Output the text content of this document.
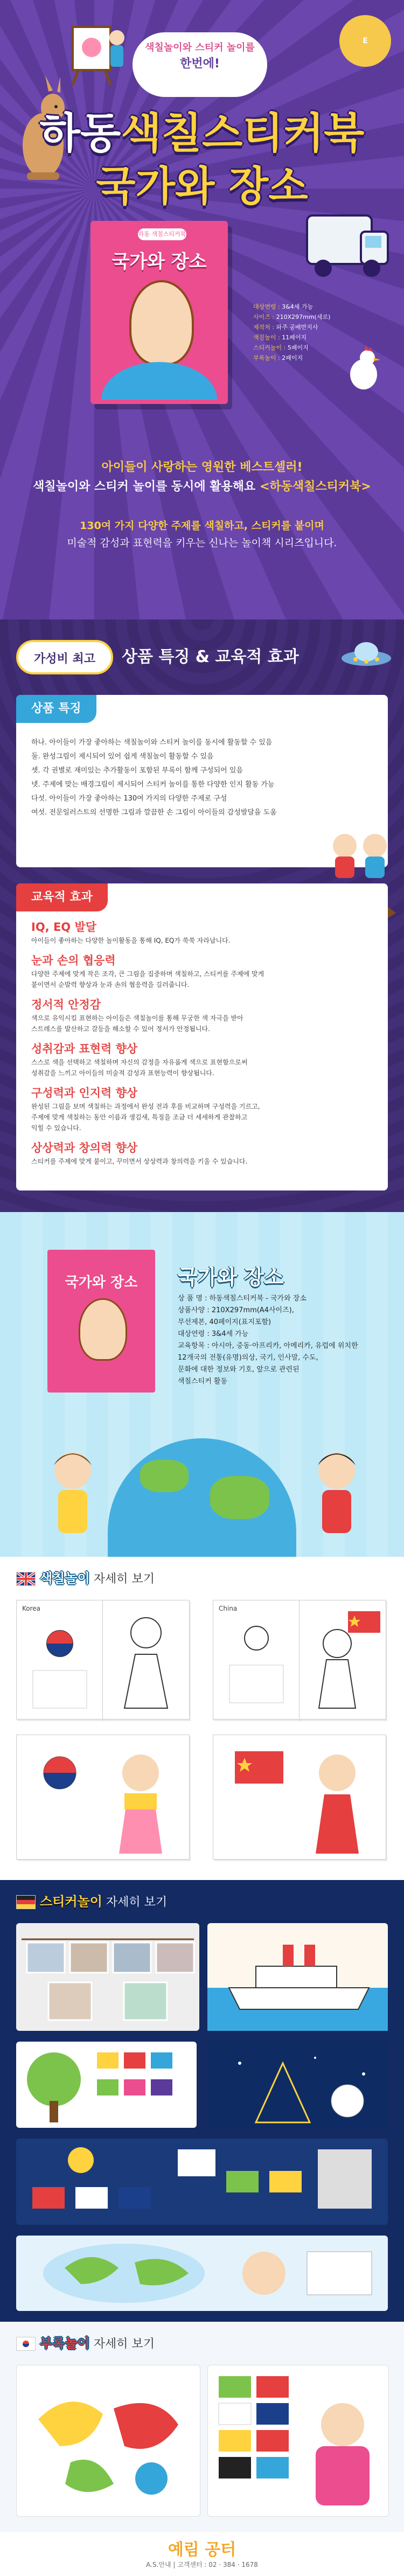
색칠놀이와 스티커 놀이를
한번에!
E
하동색칠스티커북
국가와 장소
하동 색칠스티커북
국가와 장소
대상연령 : 3&4세 가능
사이즈 : 210X297mm(세로)
제작처 : 파주 공배반지사
색칠놀이 : 11페이지
스티커놀이 : 5페이지
부록놀이 : 2페이지
아이들이 사랑하는 영원한 베스트셀러!
색칠놀이와 스티커 놀이를 동시에 활용해요 <하동색칠스티커북>
130여 가지 다양한 주제를 색칠하고, 스티커를 붙이며
미술적 감성과 표현력을 키우는 신나는 놀이책 시리즈입니다.
가성비 최고	상품 특징 & 교육적 효과
상품 특징
하나. 아이들이 가장 좋아하는 색칠놀이와 스티커 놀이를 동시에 활동할 수 있음
둘. 완성그림이 제시되어 있어 쉽게 색칠놀이 활동할 수 있음
셋. 각 권별로 재미있는 추가활동이 포함된 부록이 함께 구성되어 있음
넷. 주제에 맞는 배경그림이 제시되어 스티커 놀이를 통한 다양한 인지 활동 가능
다섯. 아이들이 가장 좋아하는 130여 가지의 다양한 주제로 구성
여섯. 전문일러스트의 선명한 그림과 깔끔한 손 그림이 아이들의 감성발달을 도움
교육적 효과
IQ, EQ 발달
아이들이 좋아하는 다양한 놀이활동을 통해 IQ, EQ가 쑥쑥 자라납니다.
눈과 손의 협응력
다양한 주제에 맞게 작은 조각, 큰 그림을 집중하며 색칠하고, 스티커를 주제에 맞게
붙이면서 순발력 향상과 눈과 손의 협응력을 길러줍니다.
정서적 안정감
색으로 유익시킬 표현하는 아이들은 색칠놀이를 통해 무궁한 색 자극을 받아
스트레스를 발산하고 갈등을 해소할 수 있어 정서가 안정됩니다.
성취감과 표현력 향상
스스로 색을 선택하고 색칠하며 자신의 감정을 자유롭게 색으로 표현함으로써
성취감을 느끼고 아이들의 미술적 감성과 표현능력이 향상됩니다.
구성력과 인지력 향상
완성된 그림을 보며 색칠하는 과정에서 완성 전과 후를 비교하며 구성력을 기르고,
주제에 맞게 색칠하는 동안 이름과 생김새, 특징을 조금 더 세세하게 관찰하고
익힐 수 있습니다.
상상력과 창의력 향상
스티커를 주제에 맞게 붙이고, 꾸미면서 상상력과 창의력을 키울 수 있습니다.
국가와 장소	국가와 장소
상 품 명 : 하동색칠스티커북 - 국가와 장소
상품사양 : 210X297mm(A4사이즈),
무선제본, 40페이지(표지포함)
대상연령 : 3&4세 가능
교육항목 : 아시아, 중동·아프리카, 아메리카, 유럽에 위치한
12개국의 전통(유명)의상, 국기, 인사말, 수도,
문화에 대한 정보와 기호, 앞으로 관련된
색칠스티커 활동
색칠놀이 자세히 보기
Korea	China
스티커놀이 자세히 보기
부록놀이 자세히 보기
예림 공터
A.S.안내 | 고객센터 : 02 · 384 · 1678
